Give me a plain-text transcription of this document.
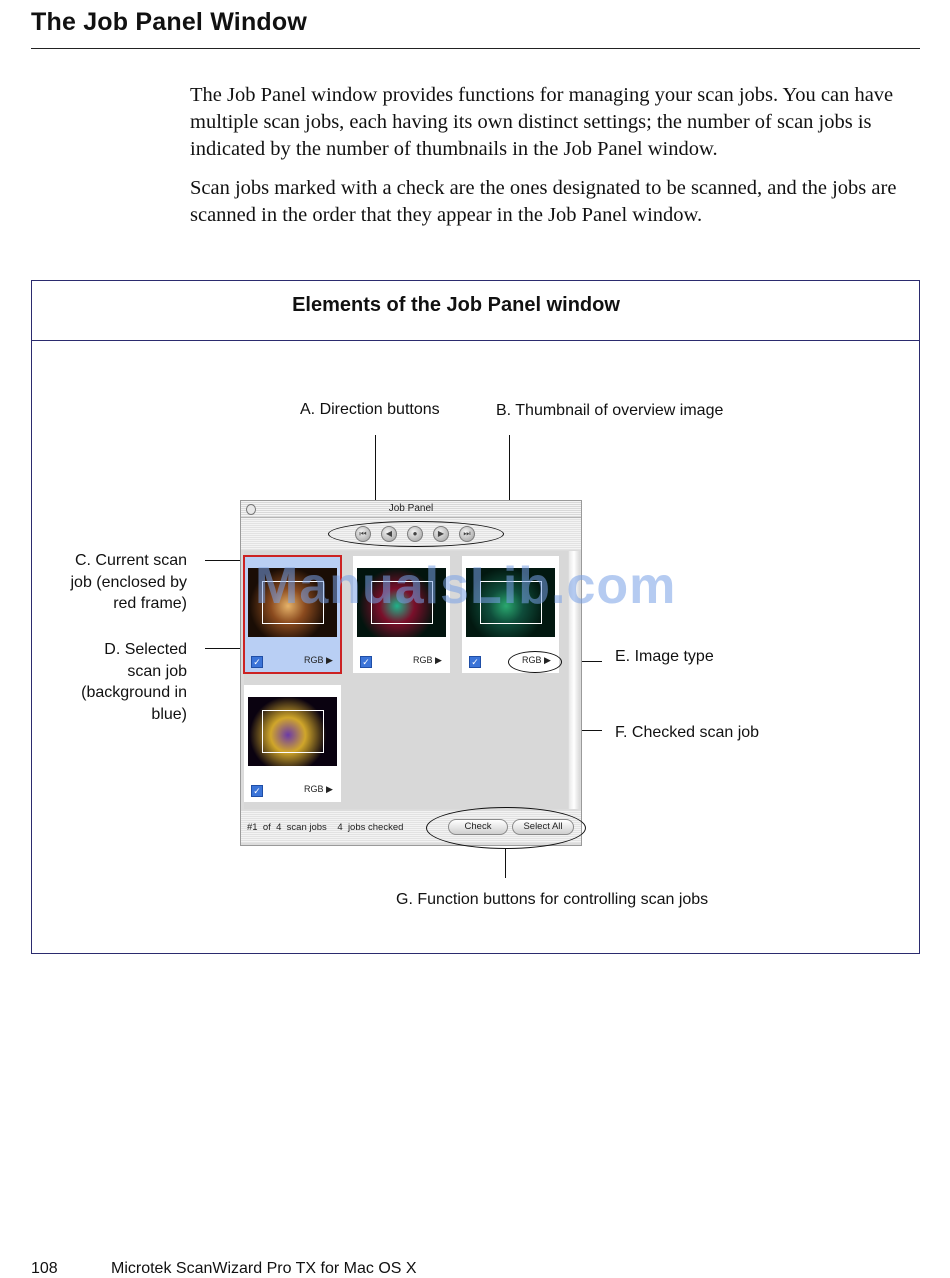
The Job Panel Window
The Job Panel window provides functions for managing your scan jobs. You can have multiple scan jobs, each having its own distinct settings; the number of scan jobs is indicated by the number of thumbnails in the Job Panel window.
Scan jobs marked with a check are the ones designated to be scanned, and the jobs are scanned in the order that they appear in the Job Panel window.
Elements of the Job Panel window
A. Direction buttons	B. Thumbnail of overview image
C. Current scan
job (enclosed by
red frame)
D. Selected
scan job
(background in
blue)
E. Image type
F. Checked scan job
G. Function buttons for controlling scan jobs
Job Panel
⏮	◀	●	▶	⏭
✓	RGB ▶	✓	RGB ▶	✓	RGB ▶
✓	RGB ▶
#1 of 4 scan jobs 4 jobs checked	Check	Select All
ManualsLib.com
108	Microtek ScanWizard Pro TX for Mac OS X
